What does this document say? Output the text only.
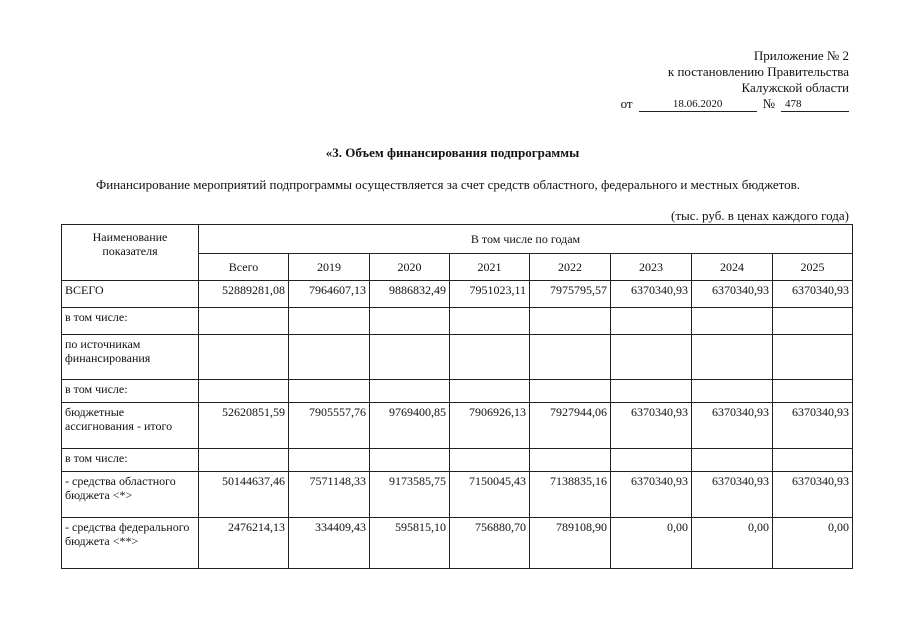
Приложение № 2
к постановлению Правительства
Калужской области
от	18.06.2020	№ 478
«3. Объем финансирования подпрограммы
Финансирование мероприятий подпрограммы осуществляется за счет средств областного, федерального и местных бюджетов.
(тыс. руб. в ценах каждого года)
Наименование показателя	В том числе по годам							
	Всего	2019	2020	2021	2022	2023	2024	2025
ВСЕГО	52889281,08	7964607,13	9886832,49	7951023,11	7975795,57	6370340,93	6370340,93	6370340,93
в том числе:								
по источникам финансирования								
в том числе:								
бюджетные ассигнования - итого	52620851,59	7905557,76	9769400,85	7906926,13	7927944,06	6370340,93	6370340,93	6370340,93
в том числе:								
- средства областного бюджета <*>	50144637,46	7571148,33	9173585,75	7150045,43	7138835,16	6370340,93	6370340,93	6370340,93
- средства федерального бюджета <**>	2476214,13	334409,43	595815,10	756880,70	789108,90	0,00	0,00	0,00
